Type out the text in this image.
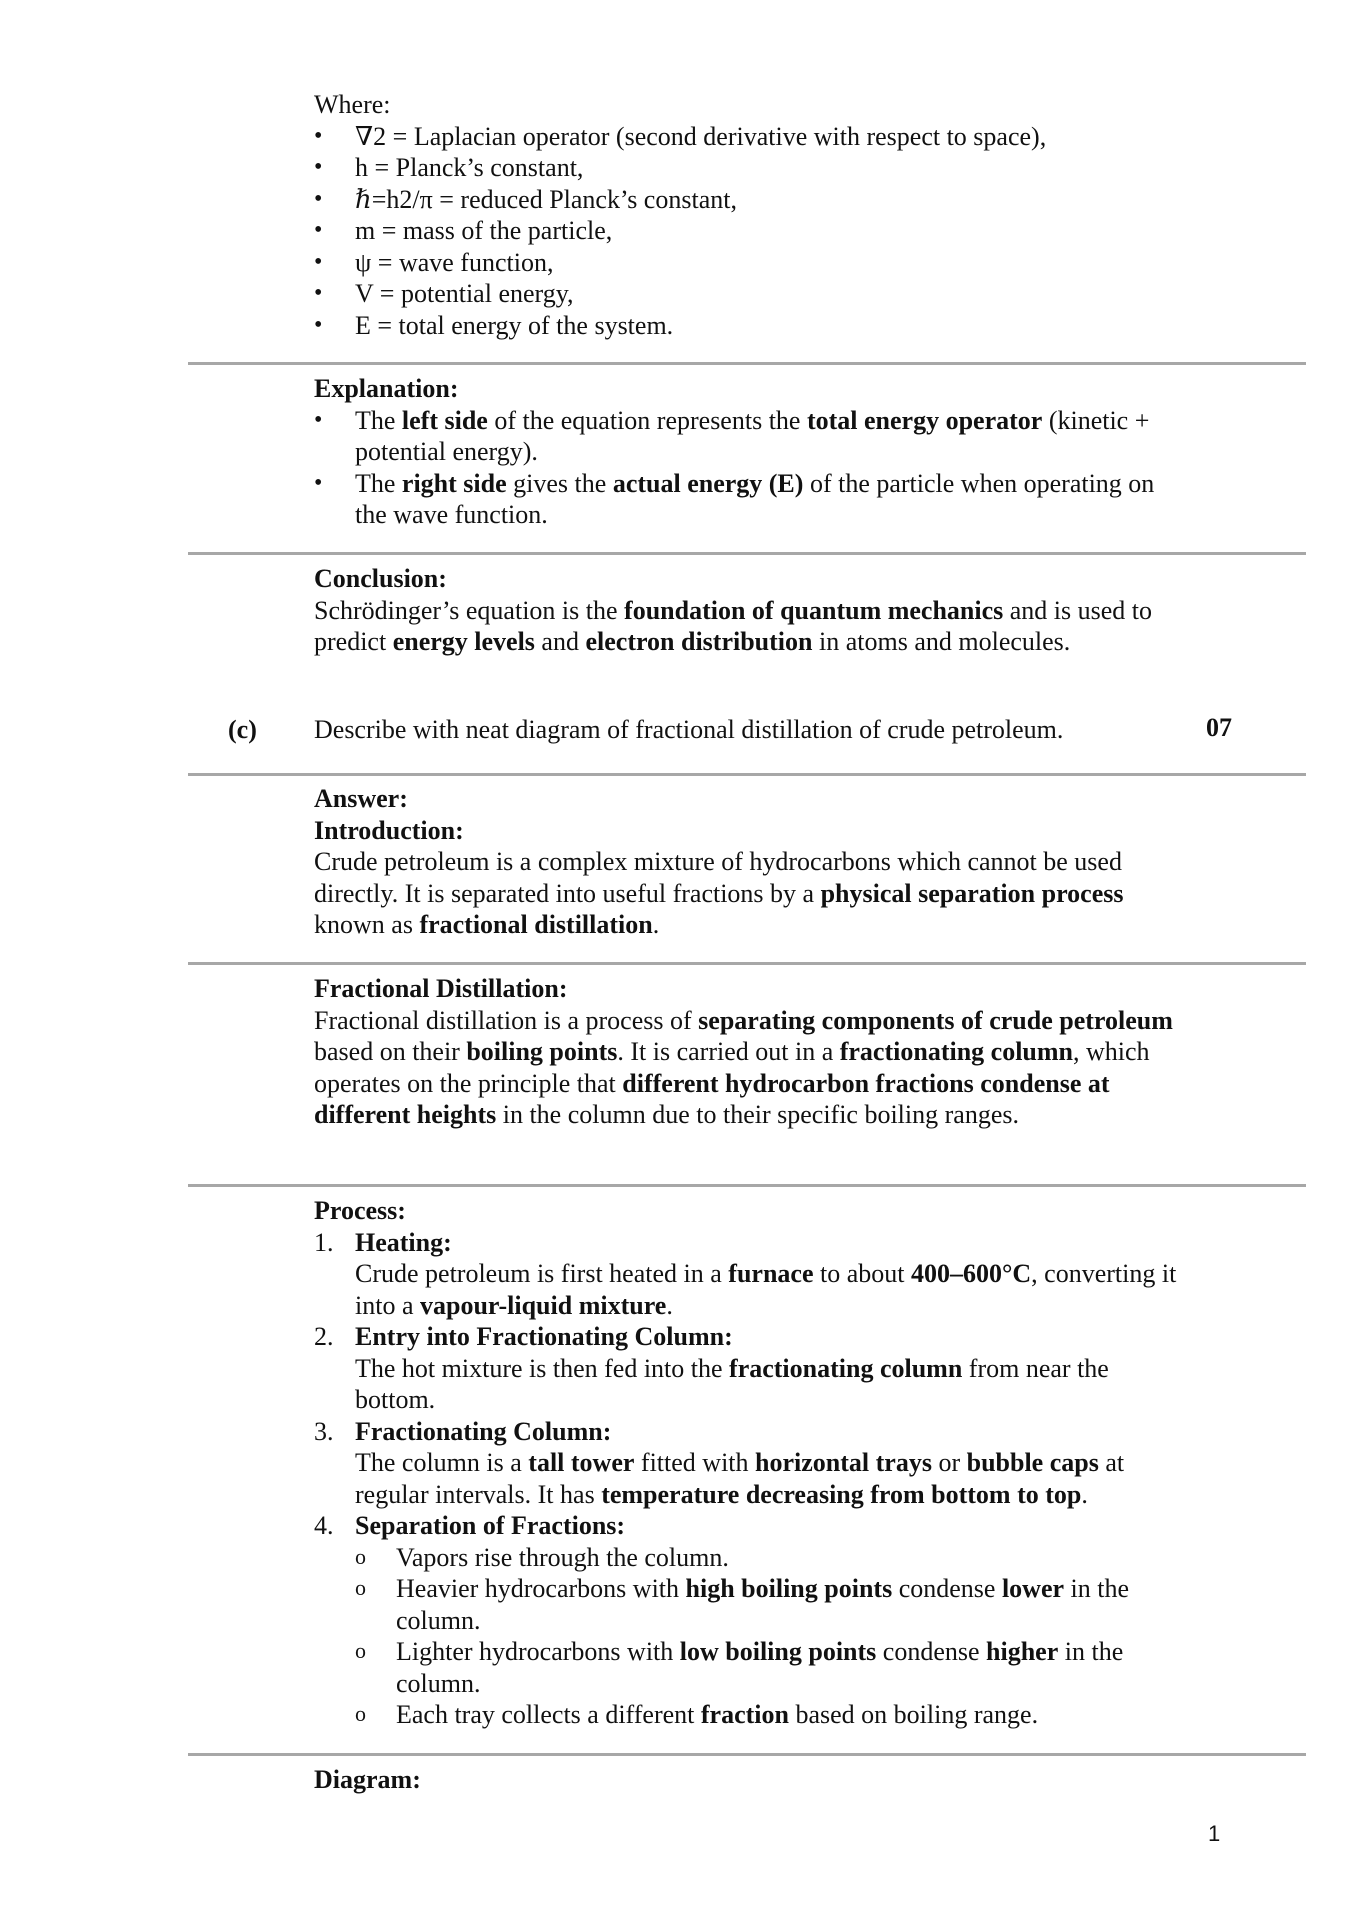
Where:
• ∇2 = Laplacian operator (second derivative with respect to space),
• h = Planck’s constant,
• ℏ=h2/π = reduced Planck’s constant,
• m = mass of the particle,
• ψ = wave function,
• V = potential energy,
• E = total energy of the system.
Explanation:
• The left side of the equation represents the total energy operator (kinetic + potential energy).
• The right side gives the actual energy (E) of the particle when operating on the wave function.
Conclusion:
Schrödinger’s equation is the foundation of quantum mechanics and is used to predict energy levels and electron distribution in atoms and molecules.
(c) Describe with neat diagram of fractional distillation of crude petroleum.	07
Answer:
Introduction:
Crude petroleum is a complex mixture of hydrocarbons which cannot be used directly. It is separated into useful fractions by a physical separation process known as fractional distillation.
Fractional Distillation:
Fractional distillation is a process of separating components of crude petroleum based on their boiling points. It is carried out in a fractionating column, which operates on the principle that different hydrocarbon fractions condense at different heights in the column due to their specific boiling ranges.
Process:
1. Heating:
Crude petroleum is first heated in a furnace to about 400–600°C, converting it into a vapour-liquid mixture.
2. Entry into Fractionating Column:
The hot mixture is then fed into the fractionating column from near the bottom.
3. Fractionating Column:
The column is a tall tower fitted with horizontal trays or bubble caps at regular intervals. It has temperature decreasing from bottom to top.
4. Separation of Fractions:
o Vapors rise through the column.
o Heavier hydrocarbons with high boiling points condense lower in the column.
o Lighter hydrocarbons with low boiling points condense higher in the column.
o Each tray collects a different fraction based on boiling range.
Diagram:
1
